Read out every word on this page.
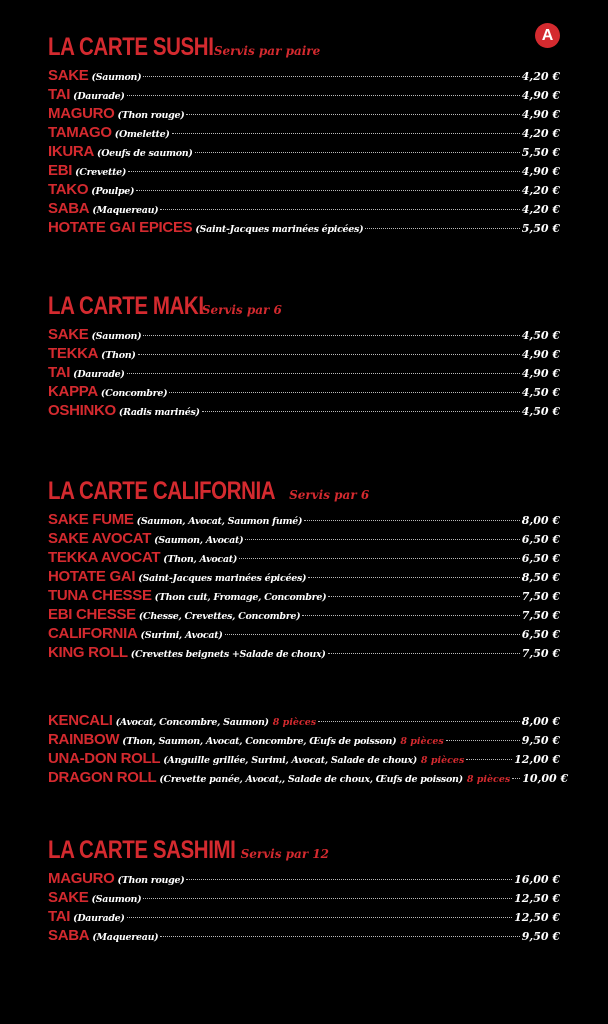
A
LA CARTE SUSHI Servis par paire
SAKE (Saumon)	4,20 €
TAI (Daurade)	4,90 €
MAGURO (Thon rouge)	4,90 €
TAMAGO (Omelette)	4,20 €
IKURA (Oeufs de saumon)	5,50 €
EBI (Crevette)	4,90 €
TAKO (Poulpe)	4,20 €
SABA (Maquereau)	4,20 €
HOTATE GAI EPICES (Saint-Jacques marinées épicées)	5,50 €
LA CARTE MAKI
Servis par 6
SAKE (Saumon)	4,50 €
TEKKA (Thon)	4,90 €
TAI (Daurade)	4,90 €
KAPPA (Concombre)	4,50 €
OSHINKO (Radis marinés)	4,50 €
LA CARTE CALIFORNIA Servis par 6
SAKE FUME (Saumon, Avocat, Saumon fumé)	8,00 €
SAKE AVOCAT (Saumon, Avocat)	6,50 €
TEKKA AVOCAT (Thon, Avocat)	6,50 €
HOTATE GAI (Saint-Jacques marinées épicées)	8,50 €
TUNA CHESSE (Thon cuit, Fromage, Concombre)	7,50 €
EBI CHESSE (Chesse, Crevettes, Concombre)	7,50 €
CALIFORNIA (Surimi, Avocat)	6,50 €
KING ROLL (Crevettes beignets +Salade de choux)	7,50 €
KENCALI (Avocat, Concombre, Saumon) 8 pièces	8,00 €
RAINBOW (Thon, Saumon, Avocat, Concombre, Œufs de poisson) 8 pièces	9,50 €
UNA-DON ROLL (Anguille grillée, Surimi, Avocat, Salade de choux) 8 pièces	12,00 €
DRAGON ROLL (Crevette panée, Avocat,, Salade de choux, Œufs de poisson) 8 pièces 10,00 €
LA CARTE SASHIMI Servis par 12
MAGURO (Thon rouge)	16,00 €
SAKE (Saumon)	12,50 €
TAI (Daurade)	12,50 €
SABA (Maquereau)	9,50 €
